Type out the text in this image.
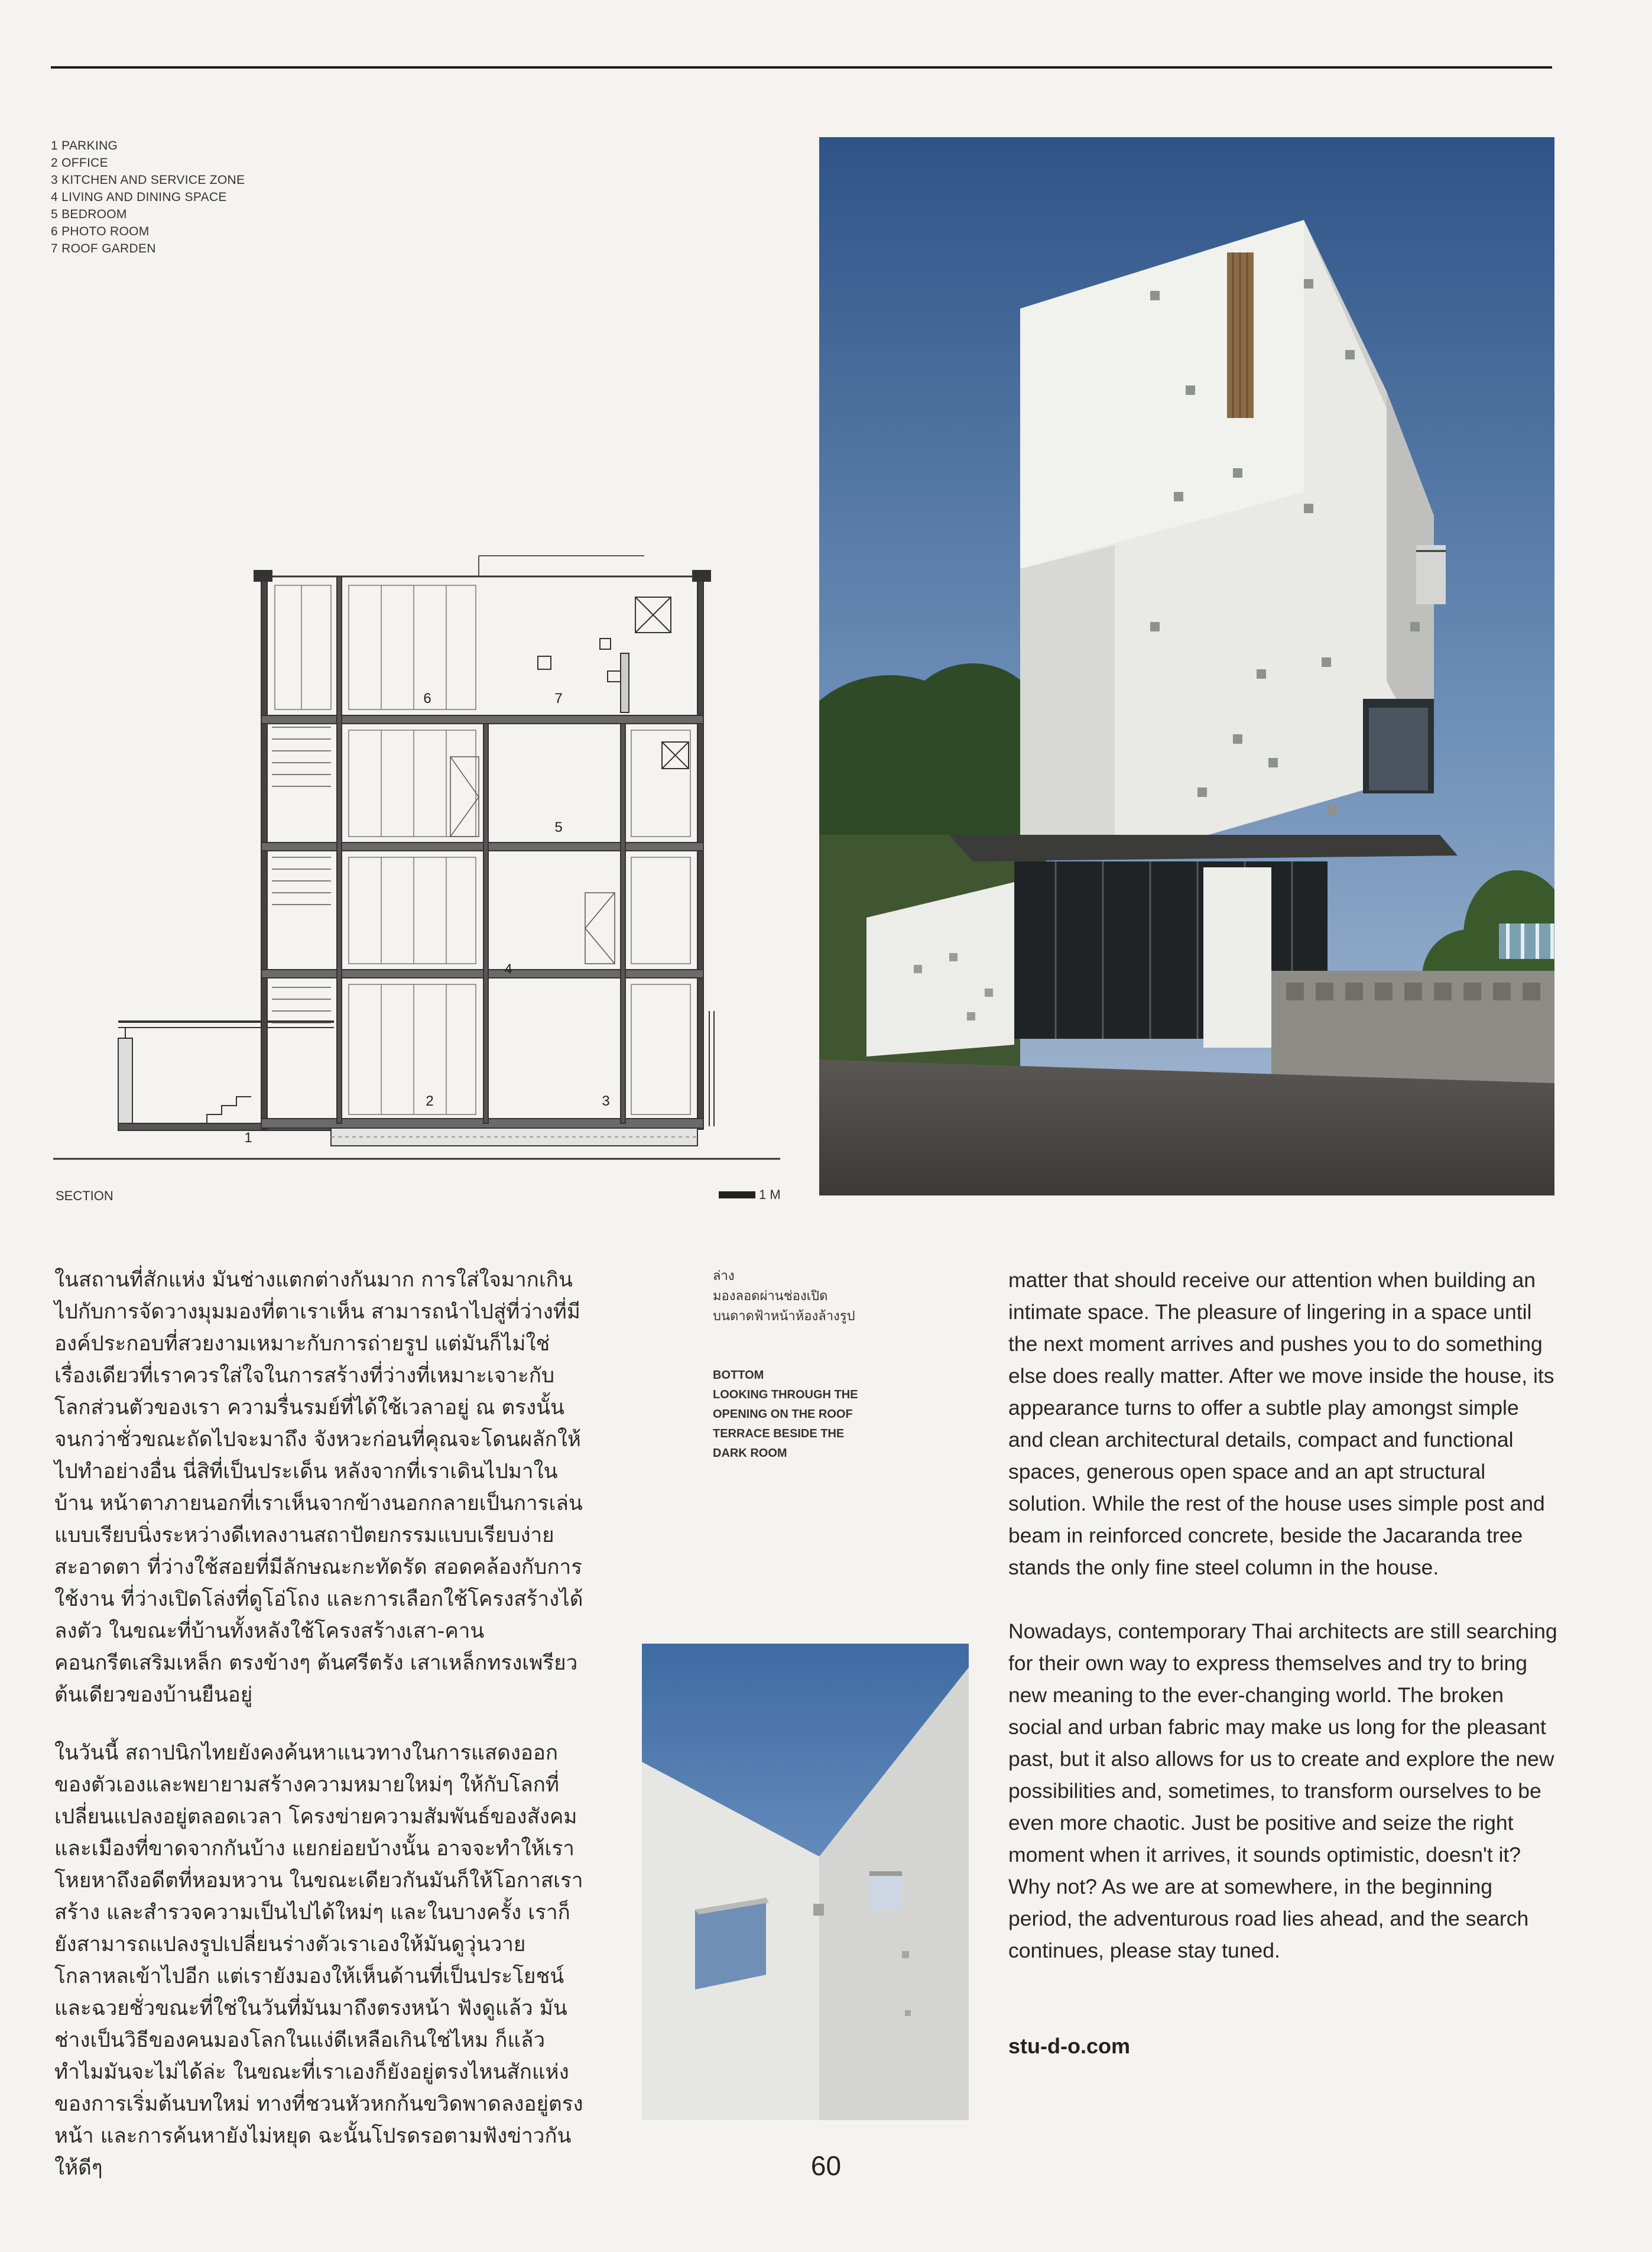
1 PARKING
2 OFFICE
3 KITCHEN AND SERVICE ZONE
4 LIVING AND DINING SPACE
5 BEDROOM
6 PHOTO ROOM
7 ROOF GARDEN
1
2	3
4
5
6	7
SECTION	1 M

ในสถานที่สักแห่ง มันช่างแตกต่างกันมาก การใส่ใจมากเกินไปกับการจัดวางมุมมองที่ตาเราเห็น สามารถนำไปสู่ที่ว่างที่มีองค์ประกอบที่สวยงามเหมาะกับการถ่ายรูป แต่มันก็ไม่ใช่เรื่องเดียวที่เราควรใส่ใจในการสร้างที่ว่างที่เหมาะเจาะกับโลกส่วนตัวของเรา ความรื่นรมย์ที่ได้ใช้เวลาอยู่ ณ ตรงนั้นจนกว่าชั่วขณะถัดไปจะมาถึง จังหวะก่อนที่คุณจะโดนผลักให้ไปทำอย่างอื่น นี่สิที่เป็นประเด็น หลังจากที่เราเดินไปมาในบ้าน หน้าตาภายนอกที่เราเห็นจากข้างนอกกลายเป็นการเล่นแบบเรียบนิ่งระหว่างดีเทลงานสถาปัตยกรรมแบบเรียบง่าย สะอาดตา ที่ว่างใช้สอยที่มีลักษณะกะทัดรัด สอดคล้องกับการใช้งาน ที่ว่างเปิดโล่งที่ดูโอ่โถง และการเลือกใช้โครงสร้างได้ลงตัว ในขณะที่บ้านทั้งหลังใช้โครงสร้างเสา-คานคอนกรีตเสริมเหล็ก ตรงข้างๆ ต้นศรีตรัง เสาเหล็กทรงเพรียวต้นเดียวของบ้านยืนอยู่

ในวันนี้ สถาปนิกไทยยังคงค้นหาแนวทางในการแสดงออกของตัวเองและพยายามสร้างความหมายใหม่ๆ ให้กับโลกที่เปลี่ยนแปลงอยู่ตลอดเวลา โครงข่ายความสัมพันธ์ของสังคมและเมืองที่ขาดจากกันบ้าง แยกย่อยบ้างนั้น อาจจะทำให้เราโหยหาถึงอดีตที่หอมหวาน ในขณะเดียวกันมันก็ให้โอกาสเราสร้าง และสำรวจความเป็นไปได้ใหม่ๆ และในบางครั้ง เราก็ยังสามารถแปลงรูปเปลี่ยนร่างตัวเราเองให้มันดูวุ่นวายโกลาหลเข้าไปอีก แต่เรายังมองให้เห็นด้านที่เป็นประโยชน์ และฉวยชั่วขณะที่ใช่ในวันที่มันมาถึงตรงหน้า ฟังดูแล้ว มันช่างเป็นวิธีของคนมองโลกในแง่ดีเหลือเกินใช่ไหม ก็แล้วทำไมมันจะไม่ได้ล่ะ ในขณะที่เราเองก็ยังอยู่ตรงไหนสักแห่งของการเริ่มต้นบทใหม่ ทางที่ชวนหัวหกก้นขวิดพาดลงอยู่ตรงหน้า และการค้นหายังไม่หยุด ฉะนั้นโปรดรอตามฟังข่าวกันให้ดีๆ

ล่าง
มองลอดผ่านช่องเปิด
บนดาดฟ้าหน้าห้องล้างรูป
BOTTOM
LOOKING THROUGH THE
OPENING ON THE ROOF
TERRACE BESIDE THE
DARK ROOM

matter that should receive our attention when building an intimate space. The pleasure of lingering in a space until the next moment arrives and pushes you to do something else does really matter. After we move inside the house, its appearance turns to offer a subtle play amongst simple and clean architectural details, compact and functional spaces, generous open space and an apt structural solution. While the rest of the house uses simple post and beam in reinforced concrete, beside the Jacaranda tree stands the only fine steel column in the house.

Nowadays, contemporary Thai architects are still searching for their own way to express themselves and try to bring new meaning to the ever-changing world. The broken social and urban fabric may make us long for the pleasant past, but it also allows for us to create and explore the new possibilities and, sometimes, to transform ourselves to be even more chaotic. Just be positive and seize the right moment when it arrives, it sounds optimistic, doesn't it? Why not? As we are at somewhere, in the beginning period, the adventurous road lies ahead, and the search continues, please stay tuned.

stu-d-o.com
60
